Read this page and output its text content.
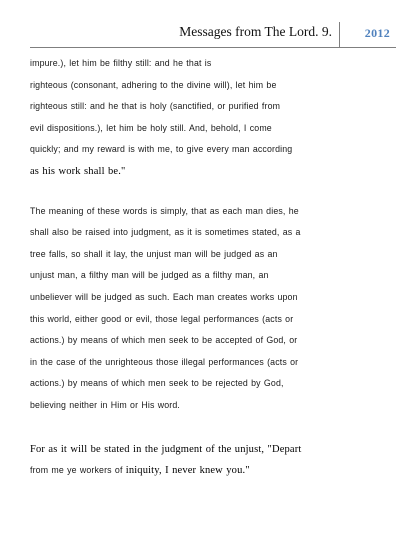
Messages from The Lord. 9.	2012
impure.), let him be filthy still: and he that is
righteous (consonant, adhering to the divine will), let him be
righteous still: and he that is holy (sanctified, or purified from
evil dispositions.), let him be holy still. And, behold, I come
quickly; and my reward is with me, to give every man according
as his work shall be."
The meaning of these words is simply, that as each man dies, he
shall also be raised into judgment, as it is sometimes stated, as a
tree falls, so shall it lay, the unjust man will be judged as an
unjust man, a filthy man will be judged as a filthy man, an
unbeliever will be judged as such. Each man creates works upon
this world, either good or evil, those legal performances (acts or
actions.) by means of which men seek to be accepted of God, or
in the case of the unrighteous those illegal performances (acts or
actions.) by means of which men seek to be rejected by God,
believing neither in Him or His word.
For as it will be stated in the judgment of the unjust, "Depart
from me ye workers of iniquity, I never knew you."
